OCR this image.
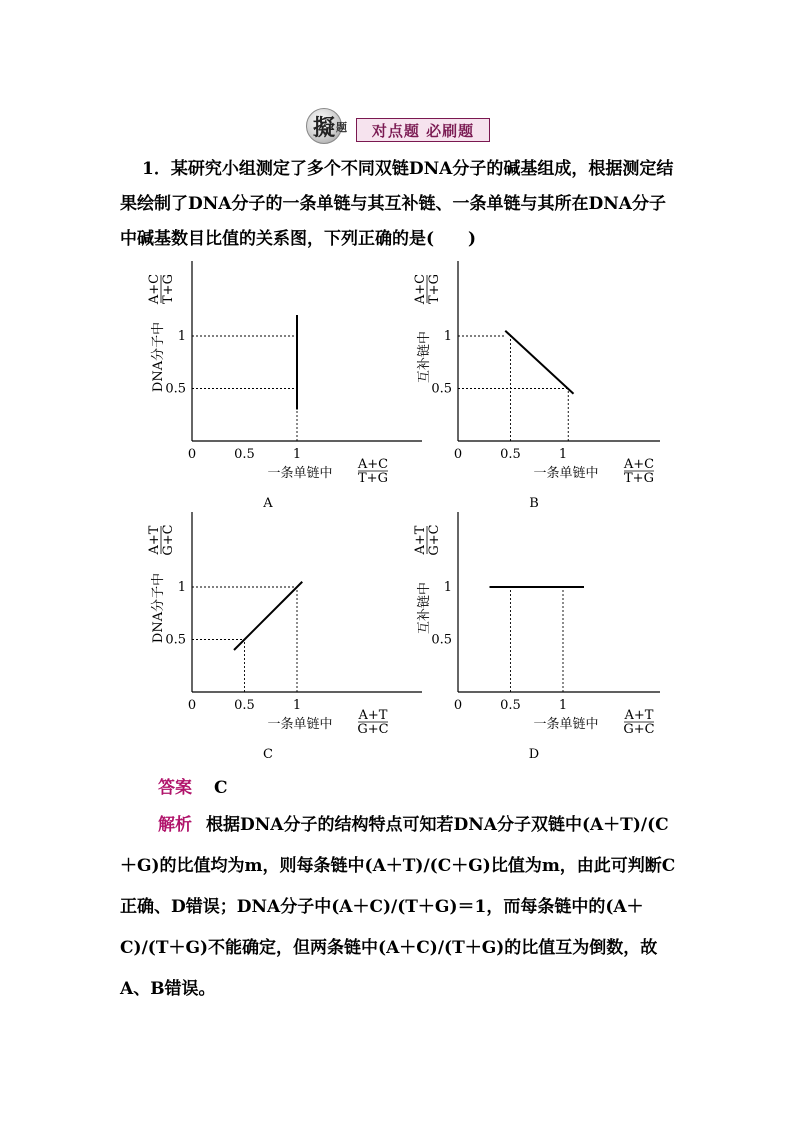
擬 题	对点题 必刷题
1．某研究小组测定了多个不同双链DNA分子的碱基组成，根据测定结果绘制了DNA分子的一条单链与其互补链、一条单链与其所在DNA分子中碱基数目比值的关系图，下列正确的是(　　)
0	0.5	1
0.5
1
一条单链中
A+C
T+G
DNA分子中
A+C T+G
A
0	0.5	1
0.5
1
一条单链中
A+C
T+G
互补链中
A+C T+G
B
0	0.5	1
0.5
1
一条单链中
A+T
G+C
DNA分子中
A+T G+C
C
0	0.5	1
0.5
1
一条单链中
A+T
G+C
互补链中
A+T G+C
D
答案 C
解析 根据DNA分子的结构特点可知若DNA分子双链中(A＋T)/(C＋G)的比值均为m，则每条链中(A＋T)/(C＋G)比值为m，由此可判断C正确、D错误；DNA分子中(A＋C)/(T＋G)＝1，而每条链中的(A＋C)/(T＋G)不能确定，但两条链中(A＋C)/(T＋G)的比值互为倒数，故A、B错误。
